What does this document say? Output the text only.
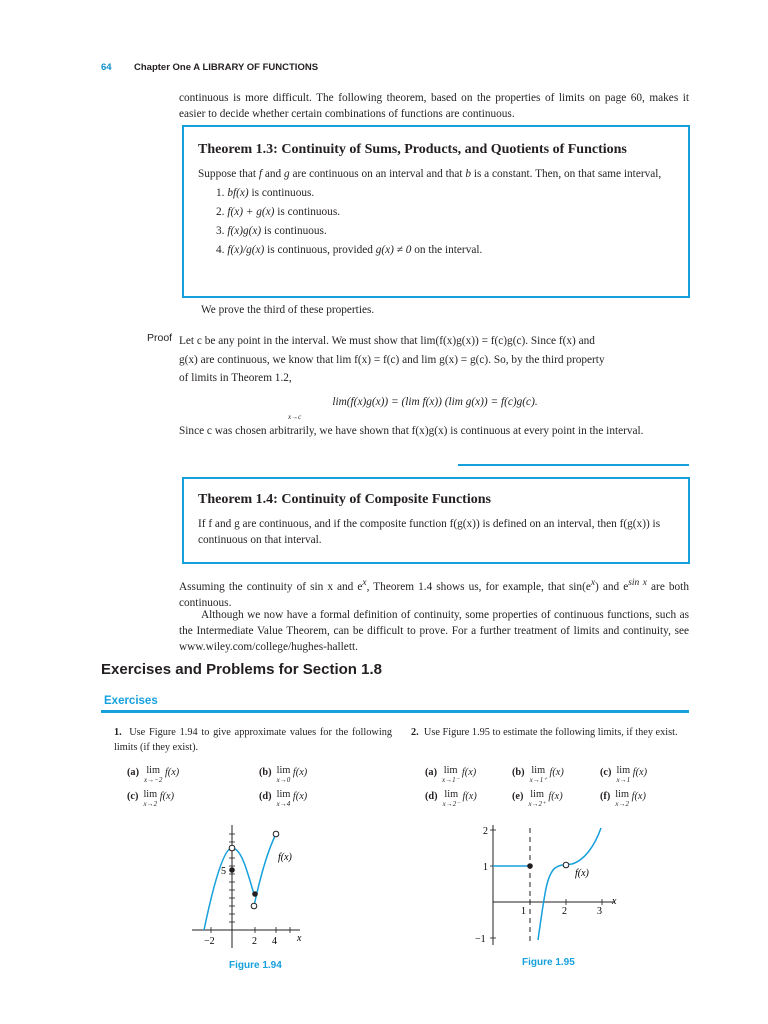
64 Chapter One A LIBRARY OF FUNCTIONS
continuous is more difficult. The following theorem, based on the properties of limits on page 60, makes it easier to decide whether certain combinations of functions are continuous.
Theorem 1.3: Continuity of Sums, Products, and Quotients of Functions
Suppose that f and g are continuous on an interval and that b is a constant. Then, on that same interval,
1. bf(x) is continuous.
2. f(x) + g(x) is continuous.
3. f(x)g(x) is continuous.
4. f(x)/g(x) is continuous, provided g(x) ≠ 0 on the interval.
We prove the third of these properties.
Proof Let c be any point in the interval. We must show that lim(f(x)g(x)) = f(c)g(c). Since f(x) and
g(x) are continuous, we know that lim f(x) = f(c) and lim g(x) = g(c). So, by the third property
of limits in Theorem 1.2,
lim(f(x)g(x)) = (lim f(x)) (lim g(x)) = f(c)g(c).
x→c
Since c was chosen arbitrarily, we have shown that f(x)g(x) is continuous at every point in the interval.
Theorem 1.4: Continuity of Composite Functions
If f and g are continuous, and if the composite function f(g(x)) is defined on an interval, then f(g(x)) is continuous on that interval.
Assuming the continuity of sin x and $e^x$, Theorem 1.4 shows us, for example, that $\sin(e^x)$ and $e^{sin x}$ are both continuous.
Although we now have a formal definition of continuity, some properties of continuous functions, such as the Intermediate Value Theorem, can be difficult to prove. For a further treatment of limits and continuity, see www.wiley.com/college/hughes-hallett.
Exercises and Problems for Section 1.8
Exercises
1. Use Figure 1.94 to give approximate values for the following limits (if they exist).
(a) lim
x→−2
f(x)	(b) lim
x→0
f(x)
(c) lim
x→2
f(x)	(d) lim
x→4
f(x)
2. Use Figure 1.95 to estimate the following limits, if they exist.
(a) lim
x→1⁻
f(x)	(b) lim
x→1⁺
f(x)	(c) lim
x→1
f(x)
(d) lim
x→2⁻
f(x)	(e) lim
x→2⁺
f(x)	(f) lim
x→2
f(x)
5
f(x)
x
−2	2 4
Figure 1.94
2
1
−1
1	2	3
f(x)
x
Figure 1.95
